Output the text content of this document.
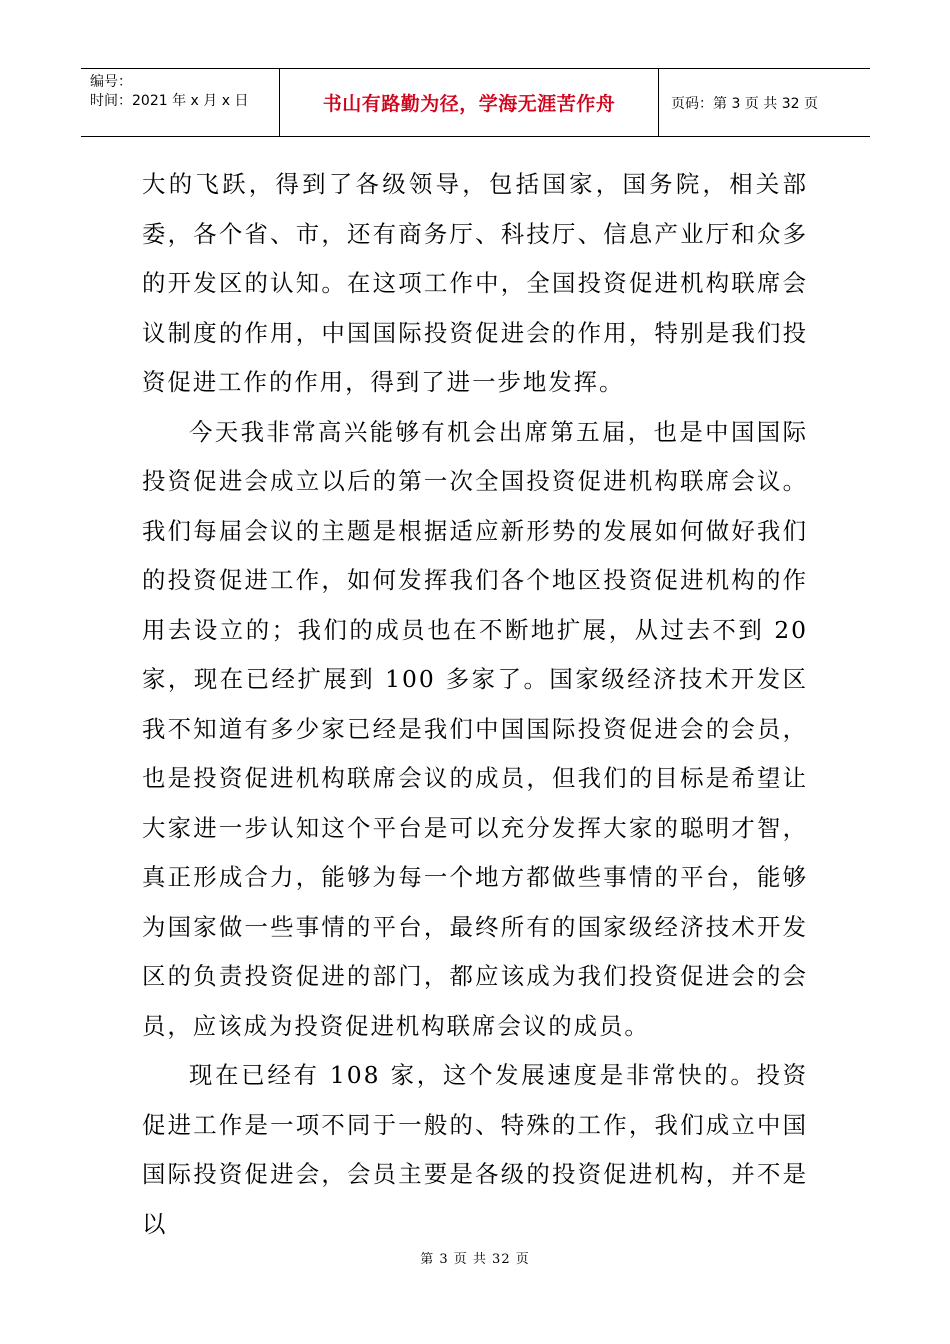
编号：
时间：2021 年 x 月 x 日	书山有路勤为径，学海无涯苦作舟	页码：第 3 页 共 32 页

大的飞跃，得到了各级领导，包括国家，国务院，相关部委，各个省、市，还有商务厅、科技厅、信息产业厅和众多的开发区的认知。在这项工作中，全国投资促进机构联席会议制度的作用，中国国际投资促进会的作用，特别是我们投资促进工作的作用，得到了进一步地发挥。

今天我非常高兴能够有机会出席第五届，也是中国国际投资促进会成立以后的第一次全国投资促进机构联席会议。我们每届会议的主题是根据适应新形势的发展如何做好我们的投资促进工作，如何发挥我们各个地区投资促进机构的作用去设立的；我们的成员也在不断地扩展，从过去不到 20 家，现在已经扩展到 100 多家了。国家级经济技术开发区我不知道有多少家已经是我们中国国际投资促进会的会员，也是投资促进机构联席会议的成员，但我们的目标是希望让大家进一步认知这个平台是可以充分发挥大家的聪明才智，真正形成合力，能够为每一个地方都做些事情的平台，能够为国家做一些事情的平台，最终所有的国家级经济技术开发区的负责投资促进的部门，都应该成为我们投资促进会的会员，应该成为投资促进机构联席会议的成员。

现在已经有 108 家，这个发展速度是非常快的。投资促进工作是一项不同于一般的、特殊的工作，我们成立中国国际投资促进会，会员主要是各级的投资促进机构，并不是以

第 3 页 共 32 页
